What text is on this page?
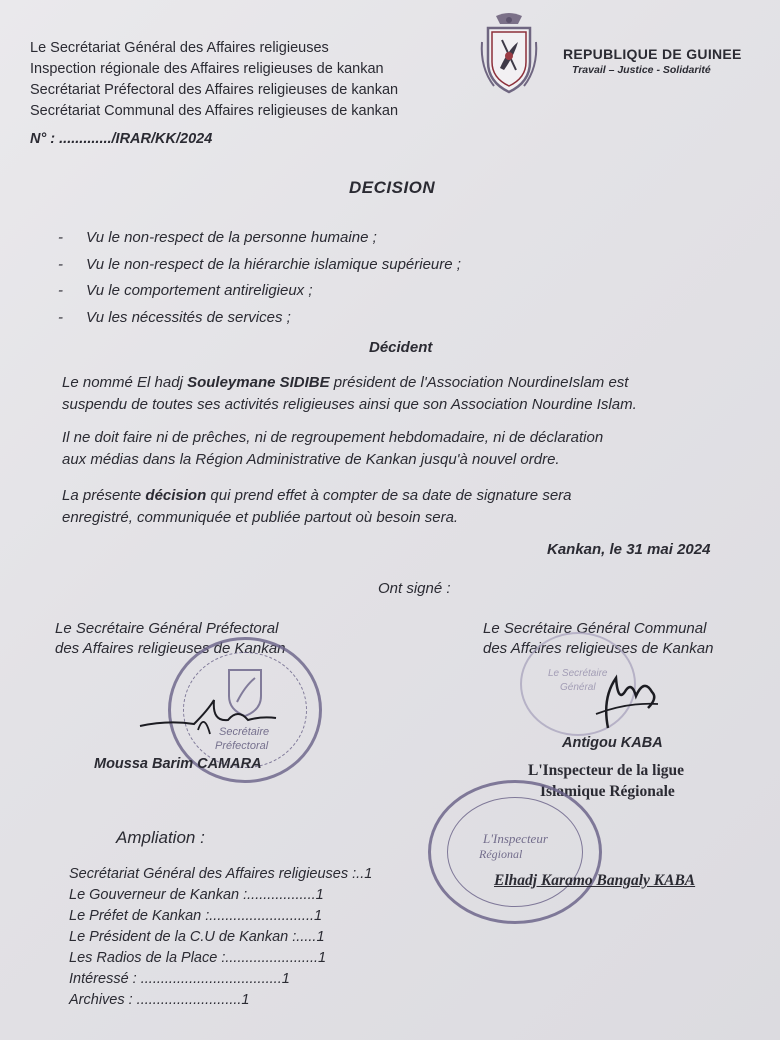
Le Secrétariat Général des Affaires religieuses
Inspection régionale des Affaires religieuses de kankan
Secrétariat Préfectoral des Affaires religieuses de kankan
Secrétariat Communal des Affaires religieuses de kankan
N° : ............./IRAR/KK/2024
REPUBLIQUE DE GUINEE
Travail – Justice - Solidarité
DECISION
- Vu le non-respect de la personne humaine ;
- Vu le non-respect de la hiérarchie islamique supérieure ;
- Vu le comportement antireligieux ;
- Vu les nécessités de services ;
Décident
Le nommé El hadj Souleymane SIDIBE président de l'Association NourdineIslam est
suspendu de toutes ses activités religieuses ainsi que son Association Nourdine Islam.
Il ne doit faire ni de prêches, ni de regroupement hebdomadaire, ni de déclaration
aux médias dans la Région Administrative de Kankan jusqu'à nouvel ordre.
La présente décision qui prend effet à compter de sa date de signature sera
enregistré, communiquée et publiée partout où besoin sera.
Kankan, le 31 mai 2024
Ont signé :
Le Secrétaire Général Préfectoral
des Affaires religieuses de Kankan
Secrétaire
Préfectoral
Moussa Barim CAMARA
Le Secrétaire Général Communal
des Affaires religieuses de Kankan
Le Secrétaire
Général
Antigou KABA
L'Inspecteur de la ligue
Islamique Régionale
L'Inspecteur
Régional
Elhadj Karamo Bangaly KABA
Ampliation :
Secrétariat Général des Affaires religieuses :..1
Le Gouverneur de Kankan :.................1
Le Préfet de Kankan :..........................1
Le Président de la C.U de Kankan :.....1
Les Radios de la Place :.......................1
Intéressé : ...................................1
Archives : ..........................1
